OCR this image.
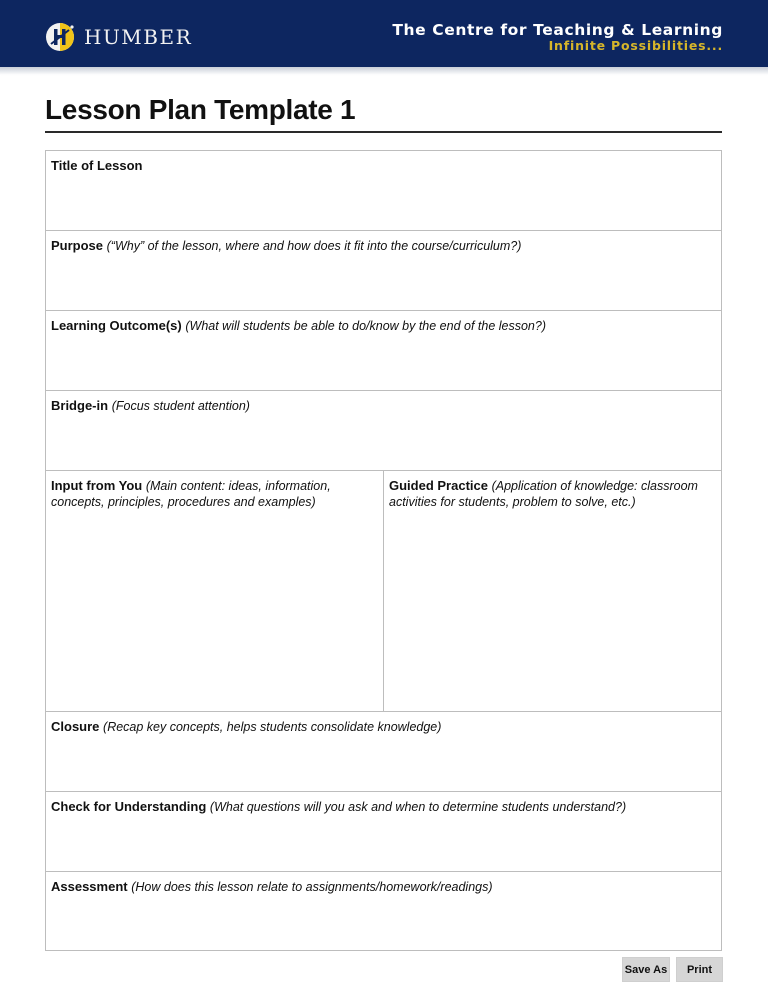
HUMBER	The Centre for Teaching & Learning
Infinite Possibilities...
Lesson Plan Template 1
Title of Lesson
Purpose (“Why” of the lesson, where and how does it fit into the course/curriculum?)
Learning Outcome(s) (What will students be able to do/know by the end of the lesson?)
Bridge-in (Focus student attention)
Input from You (Main content: ideas, information, concepts, principles, procedures and examples)
Guided Practice (Application of knowledge: classroom activities for students, problem to solve, etc.)
Closure (Recap key concepts, helps students consolidate knowledge)
Check for Understanding (What questions will you ask and when to determine students understand?)
Assessment (How does this lesson relate to assignments/homework/readings)
Save As	Print
